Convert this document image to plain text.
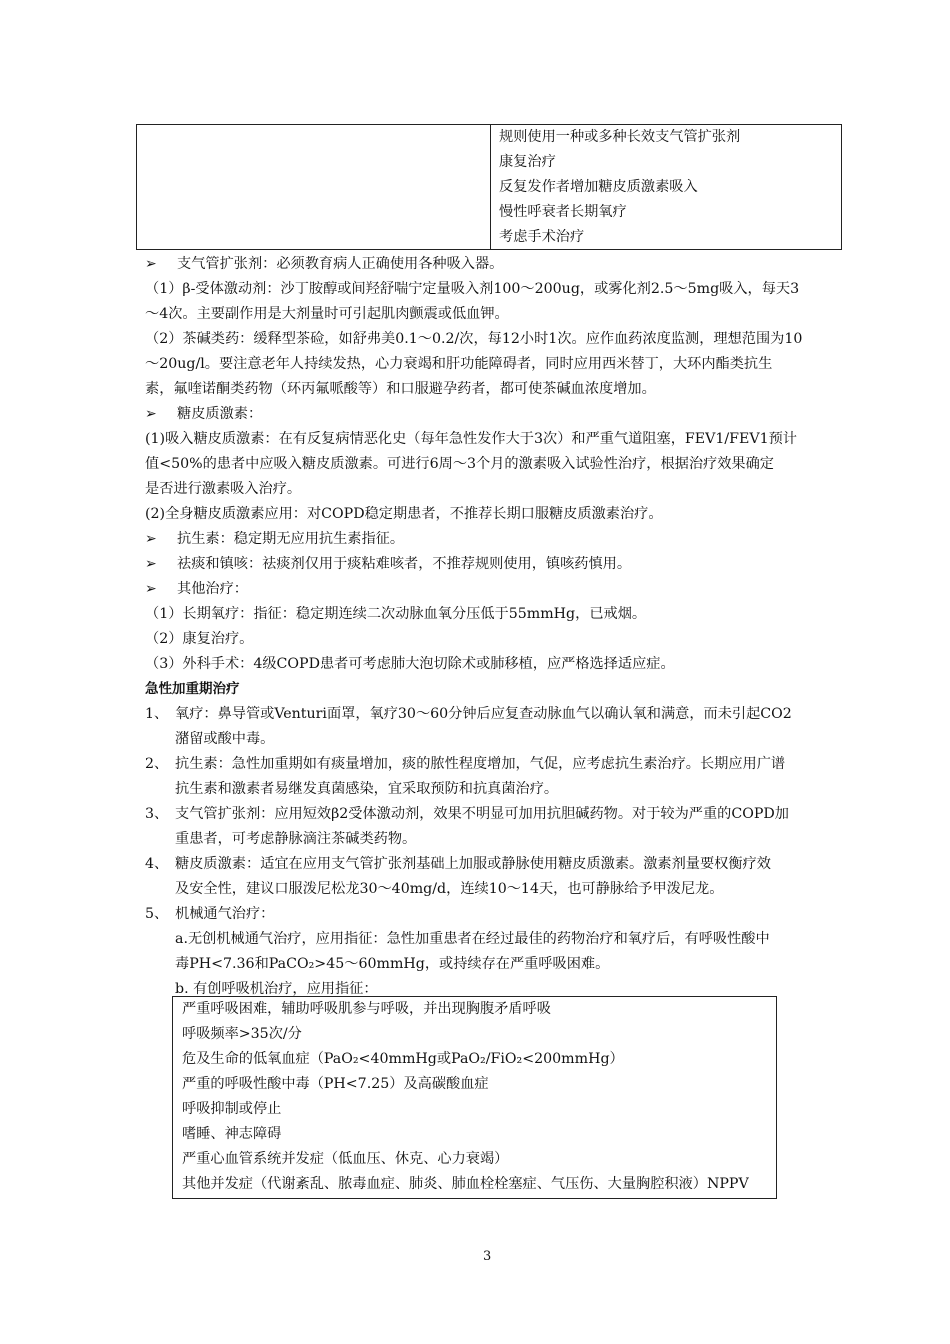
规则使用一种或多种长效支气管扩张剂
康复治疗
反复发作者增加糖皮质激素吸入
慢性呼衰者长期氧疗
考虑手术治疗
➢ 支气管扩张剂：必须教育病人正确使用各种吸入器。
（1）β-受体激动剂：沙丁胺醇或间羟舒喘宁定量吸入剂100～200ug，或雾化剂2.5～5mg吸入，每天3
～4次。主要副作用是大剂量时可引起肌肉颤震或低血钾。
（2）茶碱类药：缓释型茶硷，如舒弗美0.1～0.2/次，每12小时1次。应作血药浓度监测，理想范围为10
～20ug/l。要注意老年人持续发热，心力衰竭和肝功能障碍者，同时应用西米替丁，大环内酯类抗生
素，氟喹诺酮类药物（环丙氟哌酸等）和口服避孕药者，都可使茶碱血浓度增加。
➢ 糖皮质激素：
(1)吸入糖皮质激素：在有反复病情恶化史（每年急性发作大于3次）和严重气道阻塞，FEV1/FEV1预计
值<50%的患者中应吸入糖皮质激素。可进行6周～3个月的激素吸入试验性治疗，根据治疗效果确定
是否进行激素吸入治疗。
(2)全身糖皮质激素应用：对COPD稳定期患者，不推荐长期口服糖皮质激素治疗。
➢ 抗生素：稳定期无应用抗生素指征。
➢ 祛痰和镇咳：祛痰剂仅用于痰粘难咳者，不推荐规则使用，镇咳药慎用。
➢ 其他治疗：
（1）长期氧疗：指征：稳定期连续二次动脉血氧分压低于55mmHg，已戒烟。
（2）康复治疗。
（3）外科手术：4级COPD患者可考虑肺大泡切除术或肺移植，应严格选择适应症。
急性加重期治疗
1、 氧疗：鼻导管或Venturi面罩，氧疗30～60分钟后应复查动脉血气以确认氧和满意，而未引起CO2
潴留或酸中毒。
2、 抗生素：急性加重期如有痰量增加，痰的脓性程度增加，气促，应考虑抗生素治疗。长期应用广谱
抗生素和激素者易继发真菌感染，宜采取预防和抗真菌治疗。
3、 支气管扩张剂：应用短效β2受体激动剂，效果不明显可加用抗胆碱药物。对于较为严重的COPD加
重患者，可考虑静脉滴注茶碱类药物。
4、 糖皮质激素：适宜在应用支气管扩张剂基础上加服或静脉使用糖皮质激素。激素剂量要权衡疗效
及安全性，建议口服泼尼松龙30～40mg/d，连续10～14天，也可静脉给予甲泼尼龙。
5、 机械通气治疗：
a.无创机械通气治疗，应用指征：急性加重患者在经过最佳的药物治疗和氧疗后，有呼吸性酸中
毒PH<7.36和PaCO₂>45～60mmHg，或持续存在严重呼吸困难。
b. 有创呼吸机治疗，应用指征：
严重呼吸困难，辅助呼吸肌参与呼吸，并出现胸腹矛盾呼吸
呼吸频率>35次/分
危及生命的低氧血症（PaO₂<40mmHg或PaO₂/FiO₂<200mmHg）
严重的呼吸性酸中毒（PH<7.25）及高碳酸血症
呼吸抑制或停止
嗜睡、神志障碍
严重心血管系统并发症（低血压、休克、心力衰竭）
其他并发症（代谢紊乱、脓毒血症、肺炎、肺血栓栓塞症、气压伤、大量胸腔积液）NPPV
3
